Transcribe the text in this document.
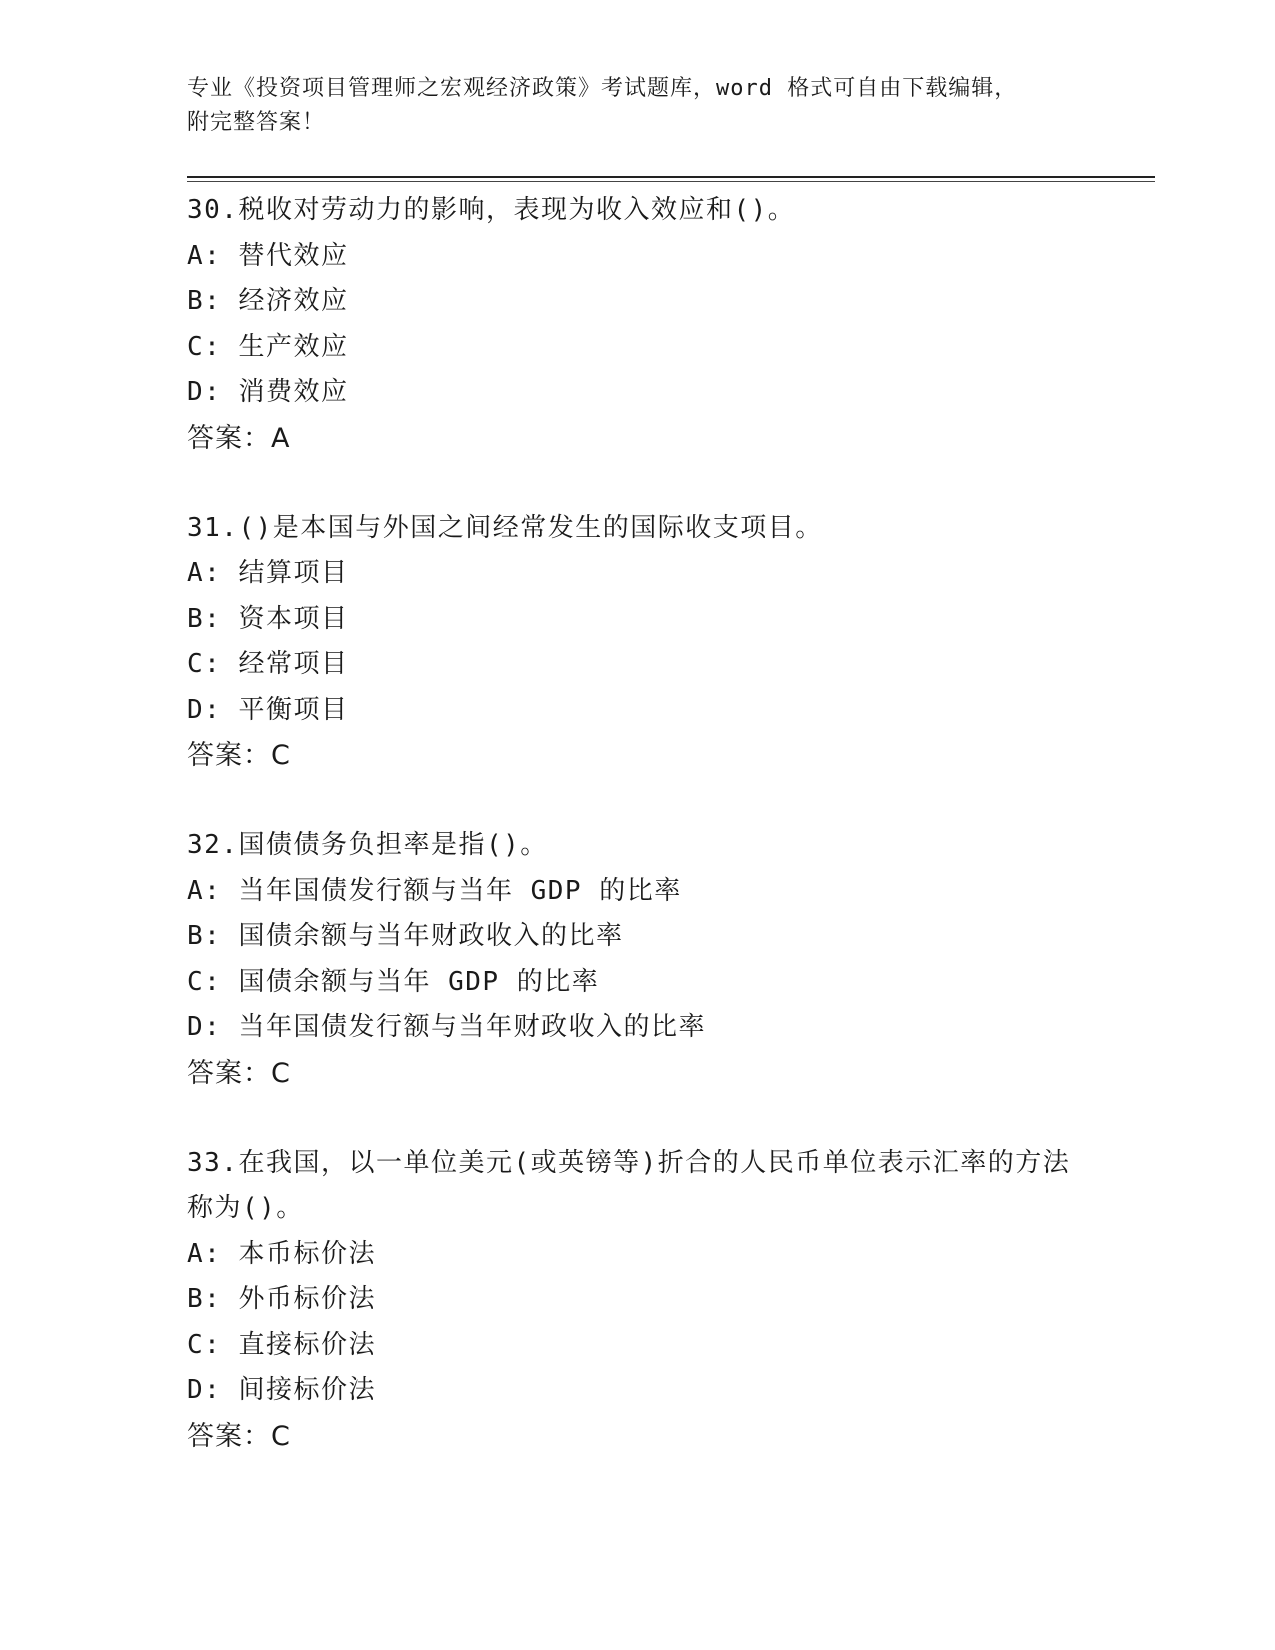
专业《投资项目管理师之宏观经济政策》考试题库，word 格式可自由下载编辑，
附完整答案！

30.税收对劳动力的影响，表现为收入效应和()。

A: 替代效应

B: 经济效应

C: 生产效应

D: 消费效应

答案：A

31.()是本国与外国之间经常发生的国际收支项目。

A: 结算项目

B: 资本项目

C: 经常项目

D: 平衡项目

答案：C

32.国债债务负担率是指()。

A: 当年国债发行额与当年 GDP 的比率

B: 国债余额与当年财政收入的比率

C: 国债余额与当年 GDP 的比率

D: 当年国债发行额与当年财政收入的比率

答案：C

33.在我国，以一单位美元(或英镑等)折合的人民币单位表示汇率的方法称为()。

A: 本币标价法

B: 外币标价法

C: 直接标价法

D: 间接标价法

答案：C
